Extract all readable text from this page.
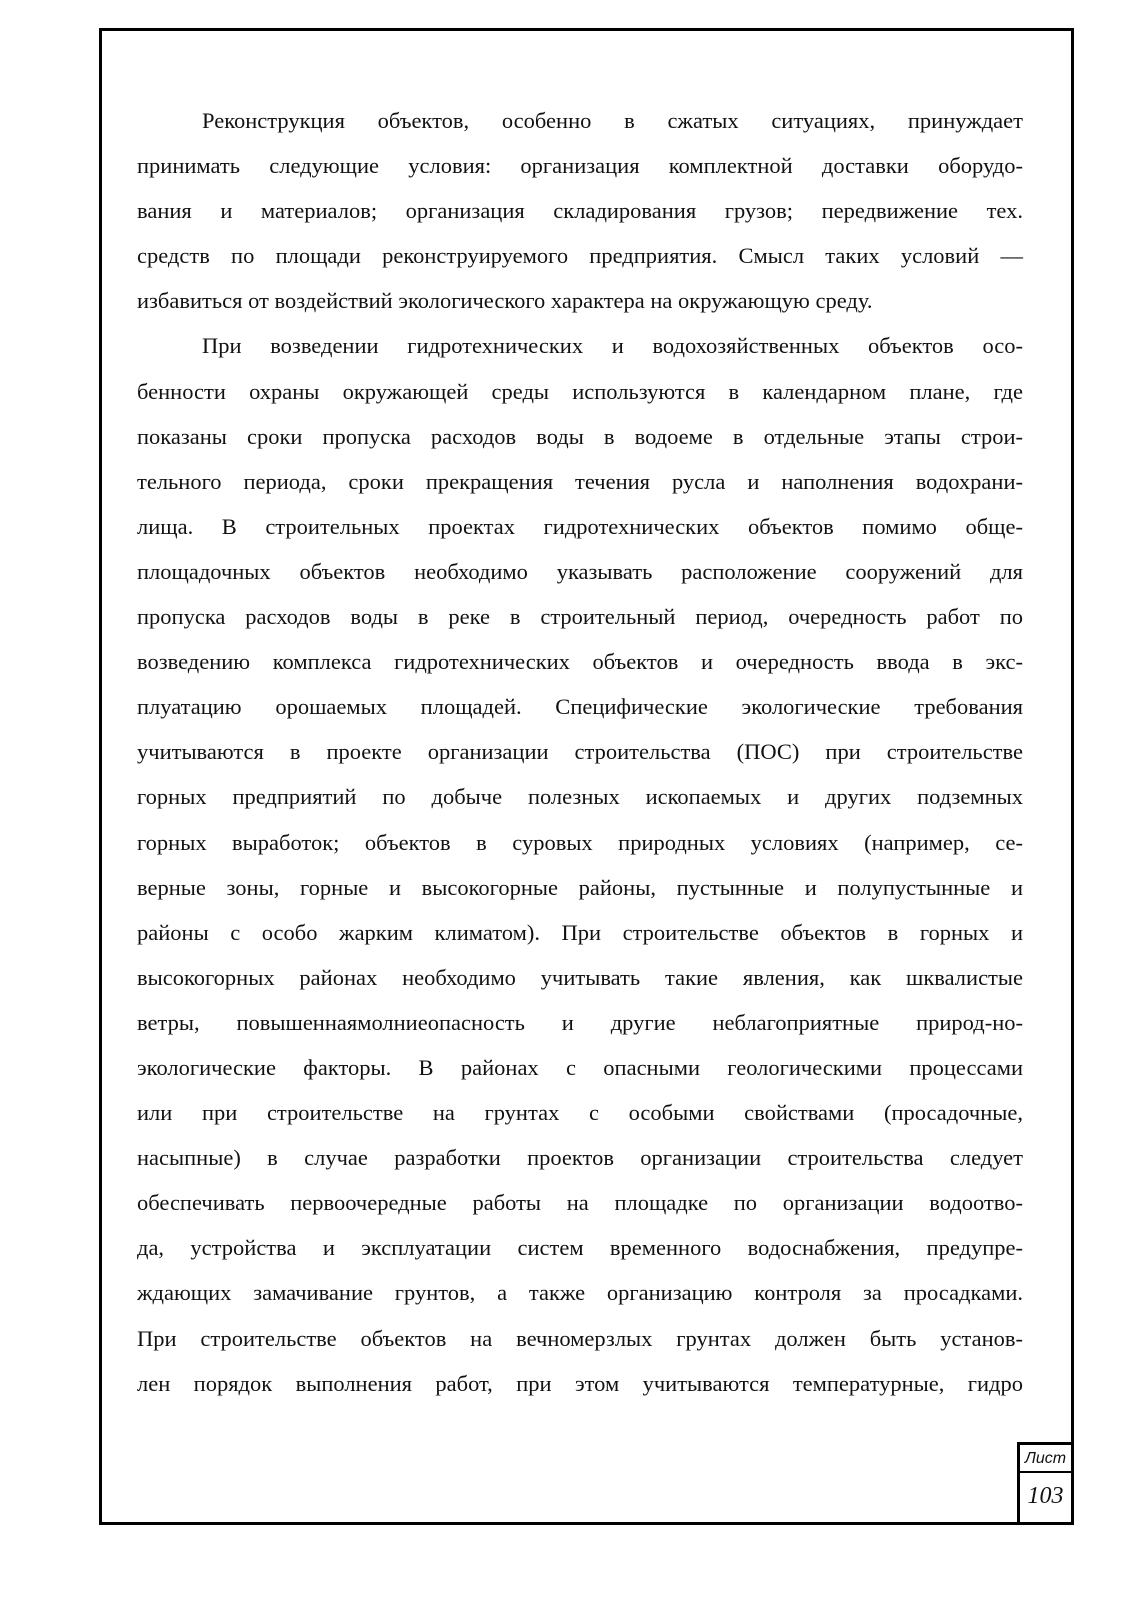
Реконструкция объектов, особенно в сжатых ситуациях, принуждает
принимать следующие условия: организация комплектной доставки оборудо-
вания и материалов; организация складирования грузов; передвижение тех.
средств по площади реконструируемого предприятия. Смысл таких условий —
избавиться от воздействий экологического характера на окружающую среду.
При возведении гидротехнических и водохозяйственных объектов осо-
бенности охраны окружающей среды используются в календарном плане, где
показаны сроки пропуска расходов воды в водоеме в отдельные этапы строи-
тельного периода, сроки прекращения течения русла и наполнения водохрани-
лища. В строительных проектах гидротехнических объектов помимо обще-
площадочных объектов необходимо указывать расположение сооружений для
пропуска расходов воды в реке в строительный период, очередность работ по
возведению комплекса гидротехнических объектов и очередность ввода в экс-
плуатацию орошаемых площадей. Специфические экологические требования
учитываются в проекте организации строительства (ПОС) при строительстве
горных предприятий по добыче полезных ископаемых и других подземных
горных выработок; объектов в суровых природных условиях (например, се-
верные зоны, горные и высокогорные районы, пустынные и полупустынные и
районы с особо жарким климатом). При строительстве объектов в горных и
высокогорных районах необходимо учитывать такие явления, как шквалистые
ветры, повышеннаямолниеопасность и другие неблагоприятные природ-но-
экологические факторы. В районах с опасными геологическими процессами
или при строительстве на грунтах с особыми свойствами (просадочные,
насыпные) в случае разработки проектов организации строительства следует
обеспечивать первоочередные работы на площадке по организации водоотво-
да, устройства и эксплуатации систем временного водоснабжения, предупре-
ждающих замачивание грунтов, а также организацию контроля за просадками.
При строительстве объектов на вечномерзлых грунтах должен быть установ-
лен порядок выполнения работ, при этом учитываются температурные, гидро
Лист
103
